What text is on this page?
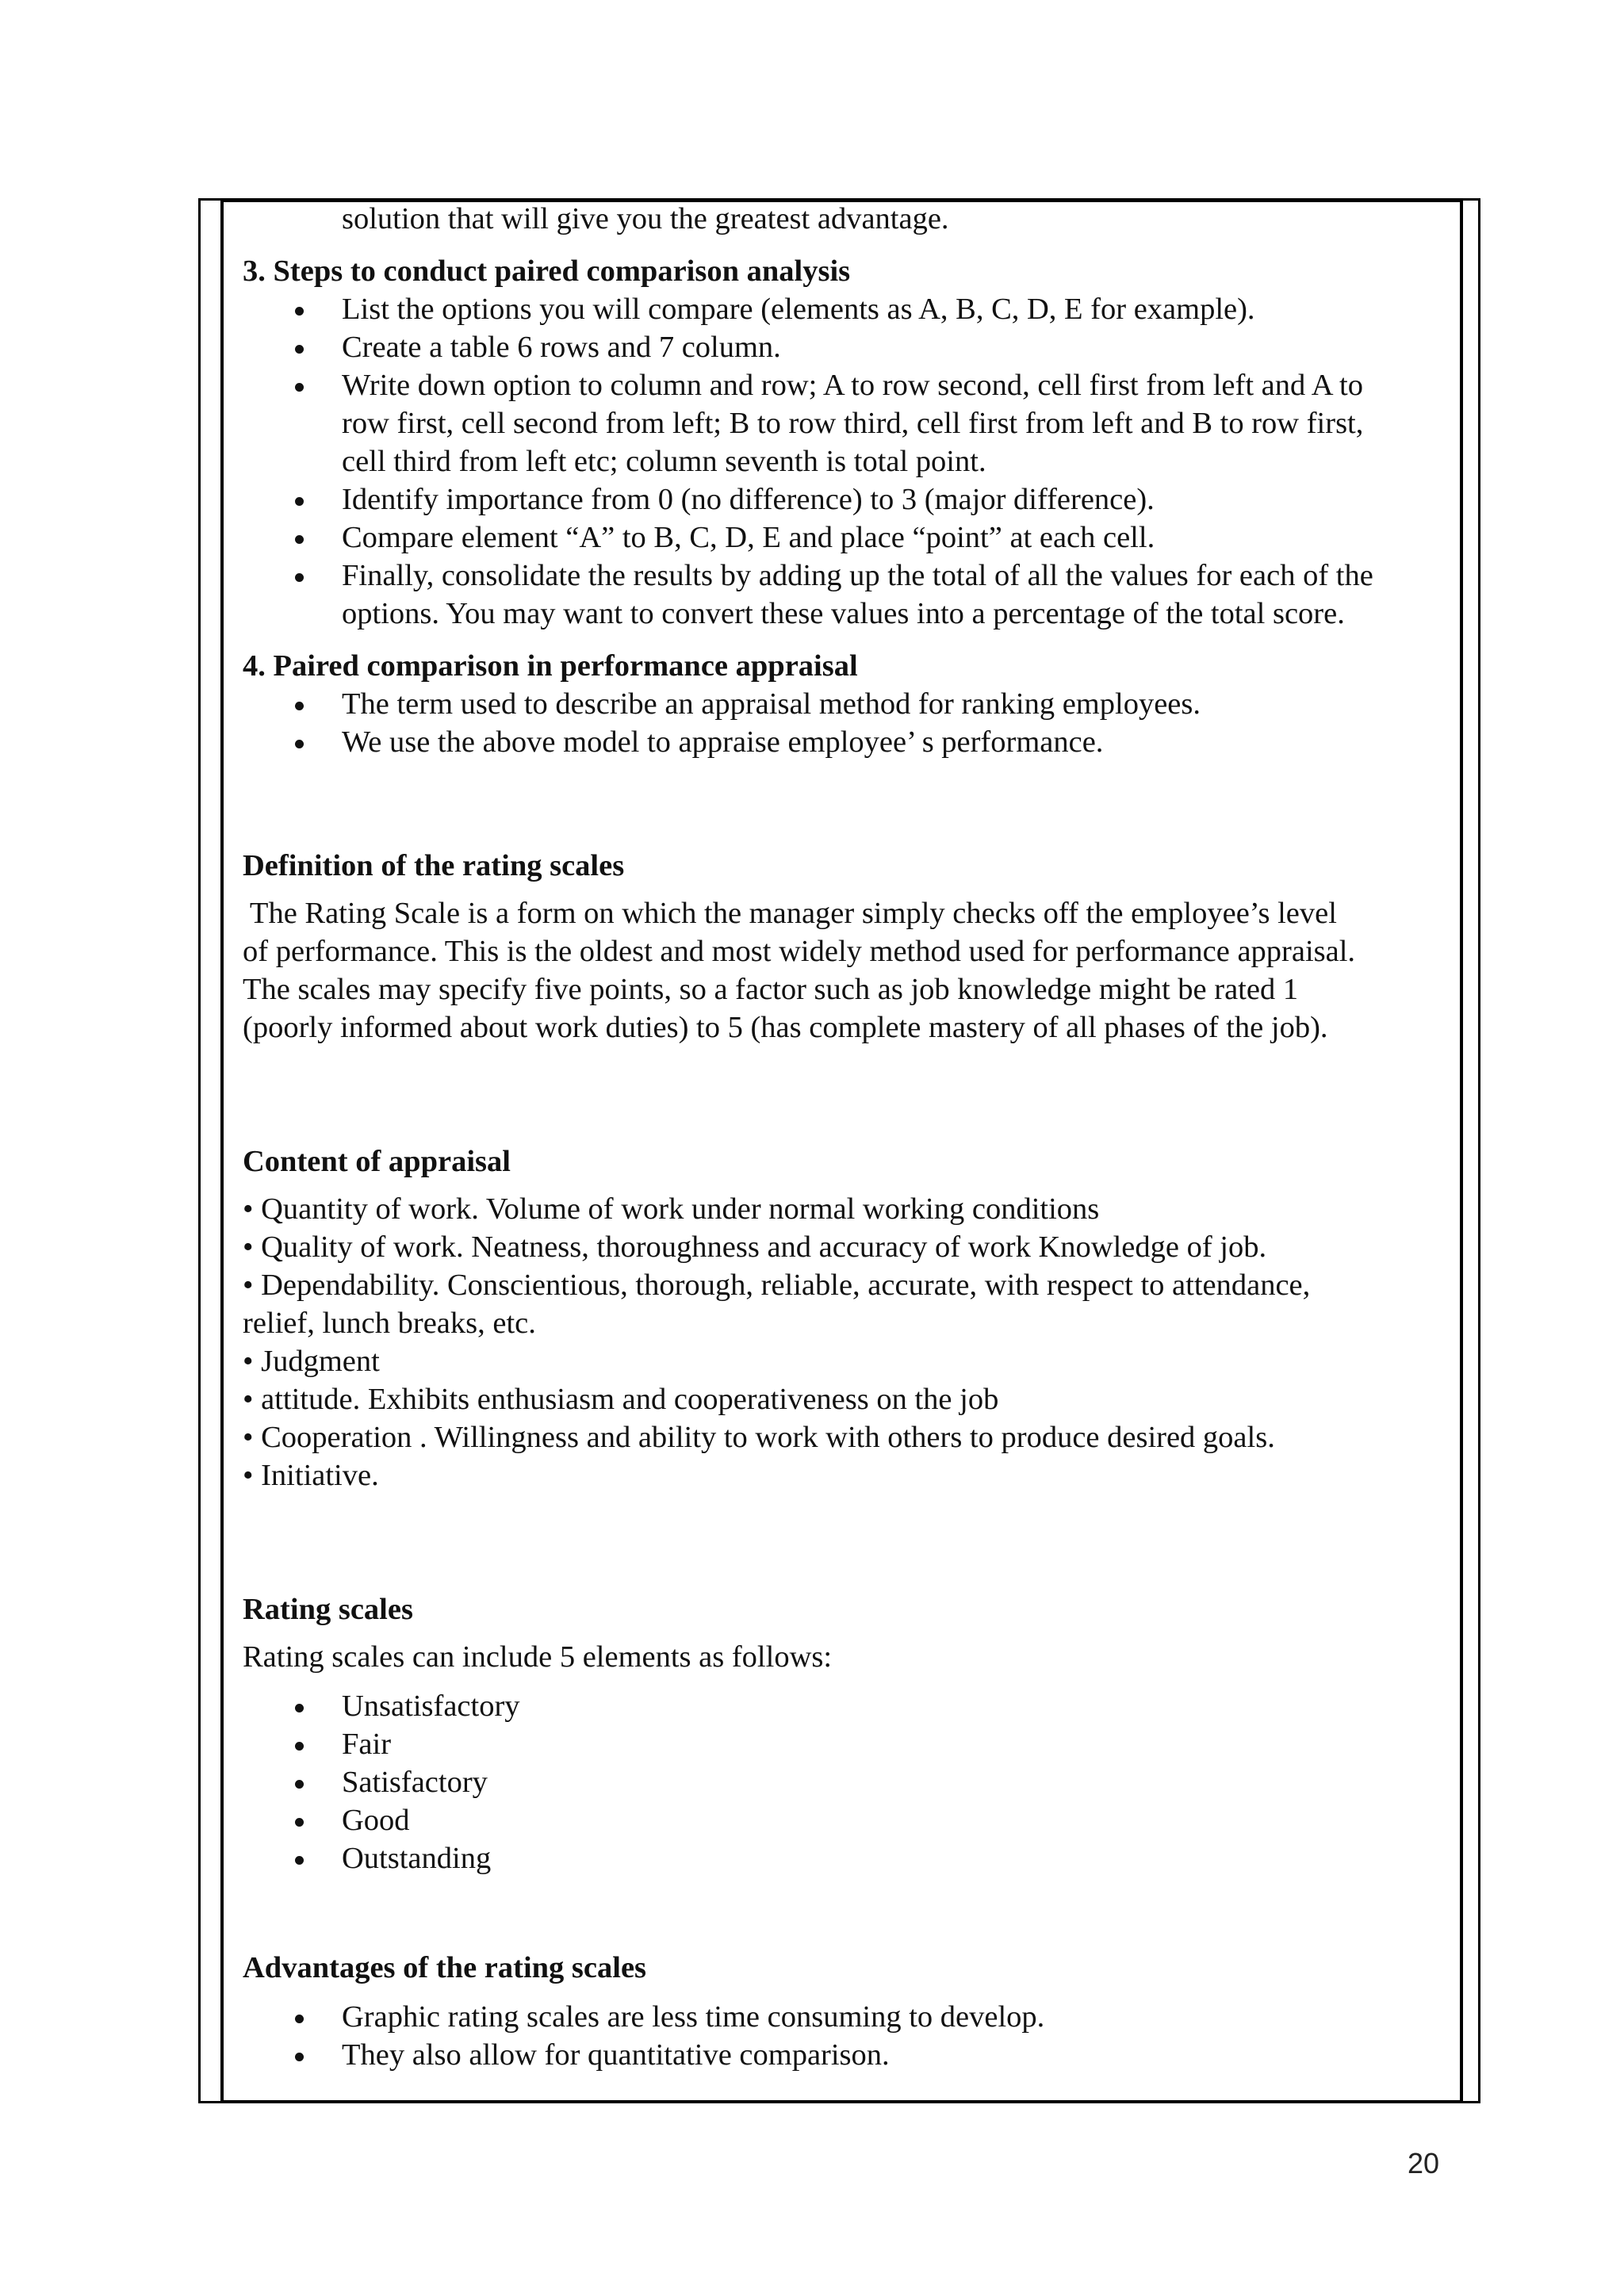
solution that will give you the greatest advantage.
3. Steps to conduct paired comparison analysis
List the options you will compare (elements as A, B, C, D, E for example).
Create a table 6 rows and 7 column.
Write down option to column and row; A to row second, cell first from left and A to
row first, cell second from left; B to row third, cell first from left and B to row first,
cell third from left etc; column seventh is total point.
Identify importance from 0 (no difference) to 3 (major difference).
Compare element “A” to B, C, D, E and place “point” at each cell.
Finally, consolidate the results by adding up the total of all the values for each of the
options. You may want to convert these values into a percentage of the total score.
4. Paired comparison in performance appraisal
The term used to describe an appraisal method for ranking employees.
We use the above model to appraise employee’ s performance.
Definition of the rating scales
The Rating Scale is a form on which the manager simply checks off the employee’s level
of performance. This is the oldest and most widely method used for performance appraisal.
The scales may specify five points, so a factor such as job knowledge might be rated 1
(poorly informed about work duties) to 5 (has complete mastery of all phases of the job).
Content of appraisal
• Quantity of work. Volume of work under normal working conditions
• Quality of work. Neatness, thoroughness and accuracy of work Knowledge of job.
• Dependability. Conscientious, thorough, reliable, accurate, with respect to attendance,
relief, lunch breaks, etc.
• Judgment
• attitude. Exhibits enthusiasm and cooperativeness on the job
• Cooperation . Willingness and ability to work with others to produce desired goals.
• Initiative.
Rating scales
Rating scales can include 5 elements as follows:
Unsatisfactory
Fair
Satisfactory
Good
Outstanding
Advantages of the rating scales
Graphic rating scales are less time consuming to develop.
They also allow for quantitative comparison.
20
